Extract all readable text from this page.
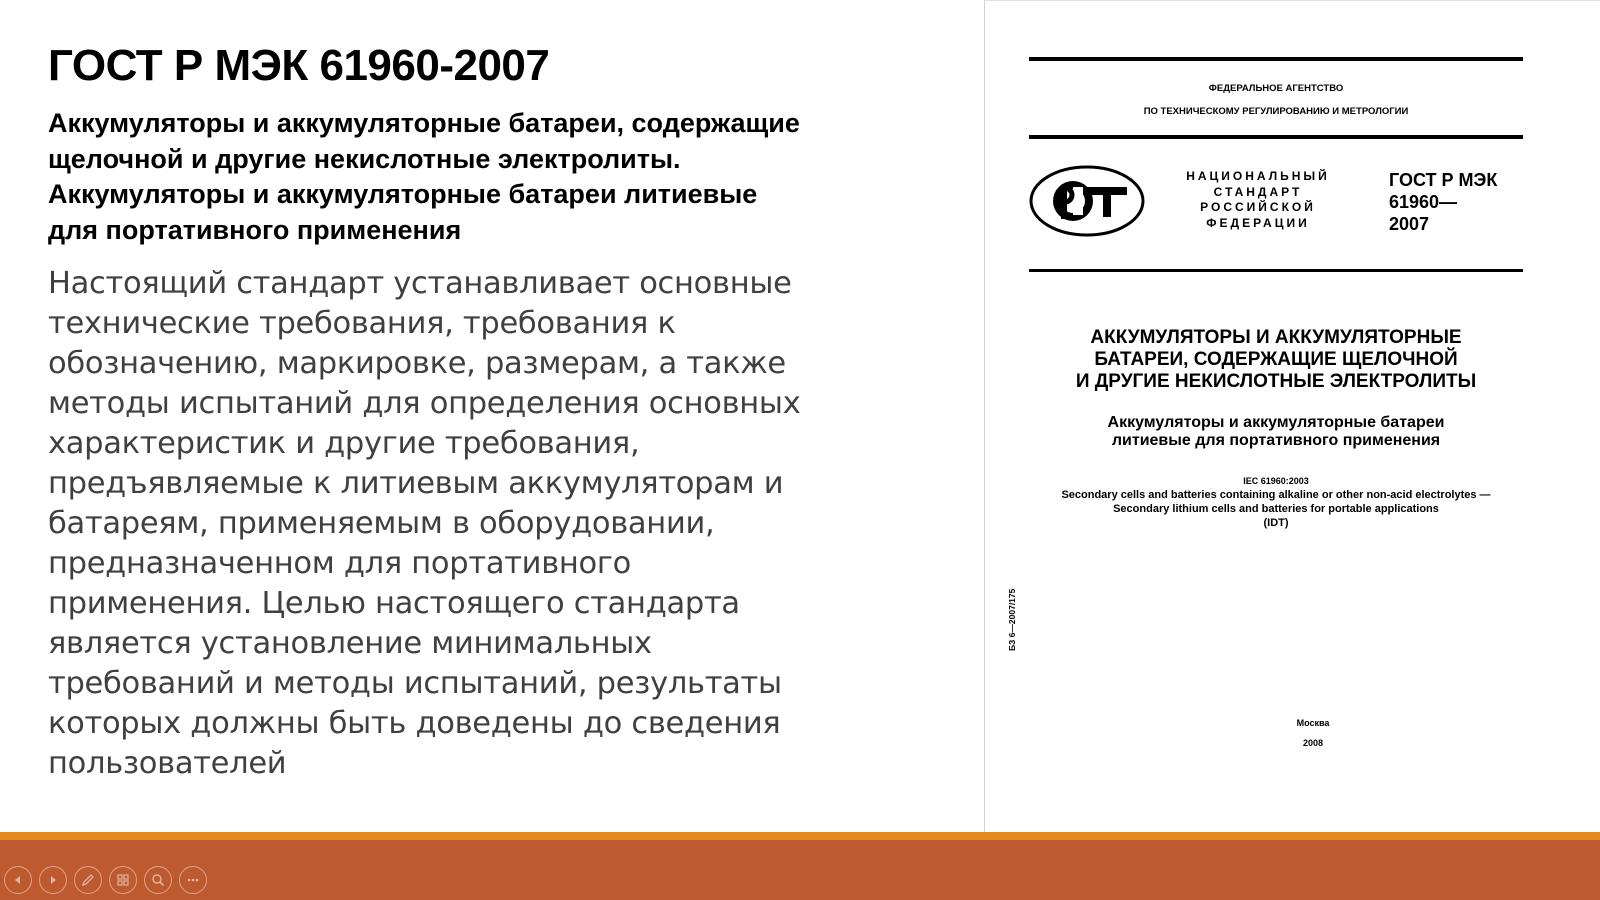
ГОСТ Р МЭК 61960-2007

Аккумуляторы и аккумуляторные батареи, содержащие щелочной и другие некислотные электролиты. Аккумуляторы и аккумуляторные батареи литиевые для портативного применения

Настоящий стандарт устанавливает основные технические требования, требования к обозначению, маркировке, размерам, а также методы испытаний для определения основных характеристик и другие требования, предъявляемые к литиевым аккумуляторам и батареям, применяемым в оборудовании, предназначенном для портативного применения. Целью настоящего стандарта является установление минимальных требований и методы испытаний, результаты которых должны быть доведены до сведения пользователей

ФЕДЕРАЛЬНОЕ АГЕНТСТВО
ПО ТЕХНИЧЕСКОМУ РЕГУЛИРОВАНИЮ И МЕТРОЛОГИИ
НАЦИОНАЛЬНЫЙ
СТАНДАРТ
РОССИЙСКОЙ
ФЕДЕРАЦИИ
ГОСТ Р МЭК
61960—
2007
АККУМУЛЯТОРЫ И АККУМУЛЯТОРНЫЕ
БАТАРЕИ, СОДЕРЖАЩИЕ ЩЕЛОЧНОЙ
И ДРУГИЕ НЕКИСЛОТНЫЕ ЭЛЕКТРОЛИТЫ
Аккумуляторы и аккумуляторные батареи
литиевые для портативного применения
IEC 61960:2003
Secondary cells and batteries containing alkaline or other non-acid electrolytes —
Secondary lithium cells and batteries for portable applications
(IDT)
БЗ 6—2007/175
Москва
2008
